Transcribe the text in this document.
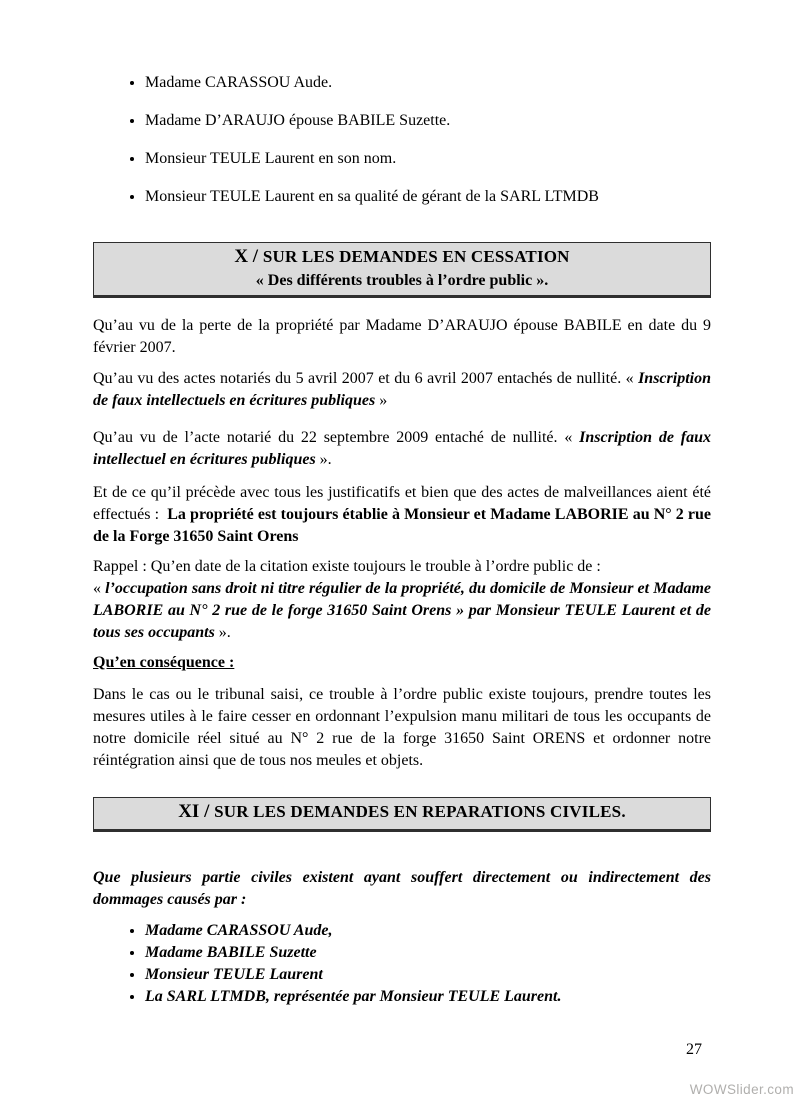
• Madame CARASSOU Aude.
• Madame D’ARAUJO épouse BABILE Suzette.
• Monsieur TEULE Laurent en son nom.
• Monsieur TEULE Laurent en sa qualité de gérant de la SARL LTMDB
X / SUR LES DEMANDES EN CESSATION
« Des différents troubles à l’ordre public ».

Qu’au vu de la perte de la propriété par Madame D’ARAUJO épouse BABILE en date du 9 février 2007.

Qu’au vu des actes notariés du 5 avril 2007 et du 6 avril 2007 entachés de nullité. « Inscription de faux intellectuels en écritures publiques »

Qu’au vu de l’acte notarié du 22 septembre 2009 entaché de nullité. « Inscription de faux intellectuel en écritures publiques ».

Et de ce qu’il précède avec tous les justificatifs et bien que des actes de malveillances aient été effectués :  La propriété est toujours établie à Monsieur et Madame LABORIE au N° 2 rue de la Forge 31650 Saint Orens

Rappel : Qu’en date de la citation existe toujours le trouble à l’ordre public de :
« l’occupation sans droit ni titre régulier de la propriété, du domicile de Monsieur et Madame LABORIE au N° 2 rue de le forge 31650 Saint Orens » par Monsieur TEULE Laurent et de tous ses occupants ».

Qu’en conséquence :

Dans le cas ou le tribunal saisi, ce trouble à l’ordre public existe toujours, prendre toutes les mesures utiles à le faire cesser en ordonnant l’expulsion manu militari de tous les occupants de notre domicile réel situé au N° 2 rue de la forge 31650 Saint ORENS et ordonner notre réintégration ainsi que de tous nos meules et objets.

XI / SUR LES DEMANDES EN REPARATIONS CIVILES.

Que plusieurs partie civiles existent ayant souffert directement ou indirectement des dommages causés par :

• Madame CARASSOU Aude,
• Madame BABILE Suzette
• Monsieur TEULE Laurent
• La SARL LTMDB, représentée par Monsieur TEULE Laurent.
27
WOWSlider.com
